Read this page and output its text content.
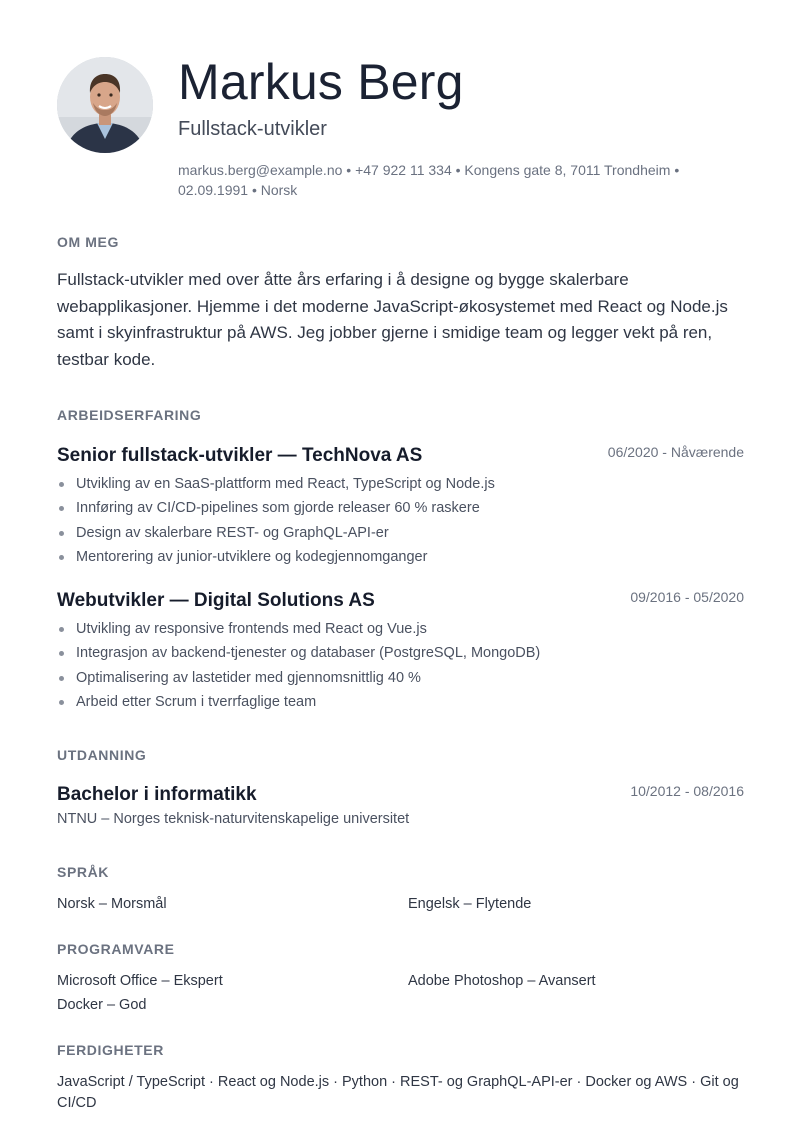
Markus Berg
Fullstack-utvikler
markus.berg@example.no • +47 922 11 334 • Kongens gate 8, 7011 Trondheim • 02.09.1991 • Norsk
OM MEG
Fullstack-utvikler med over åtte års erfaring i å designe og bygge skalerbare webapplikasjoner. Hjemme i det moderne JavaScript-økosystemet med React og Node.js samt i skyinfrastruktur på AWS. Jeg jobber gjerne i smidige team og legger vekt på ren, testbar kode.
ARBEIDSERFARING
Senior fullstack-utvikler — TechNova AS	06/2020 - Nåværende
Utvikling av en SaaS-plattform med React, TypeScript og Node.js
Innføring av CI/CD-pipelines som gjorde releaser 60 % raskere
Design av skalerbare REST- og GraphQL-API-er
Mentorering av junior-utviklere og kodegjennomganger
Webutvikler — Digital Solutions AS	09/2016 - 05/2020
Utvikling av responsive frontends med React og Vue.js
Integrasjon av backend-tjenester og databaser (PostgreSQL, MongoDB)
Optimalisering av lastetider med gjennomsnittlig 40 %
Arbeid etter Scrum i tverrfaglige team
UTDANNING
Bachelor i informatikk	10/2012 - 08/2016
NTNU – Norges teknisk-naturvitenskapelige universitet
SPRÅK
Norsk – Morsmål	Engelsk – Flytende
PROGRAMVARE
Microsoft Office – Ekspert	Adobe Photoshop – Avansert
Docker – God
FERDIGHETER
JavaScript / TypeScript · React og Node.js · Python · REST- og GraphQL-API-er · Docker og AWS · Git og CI/CD
